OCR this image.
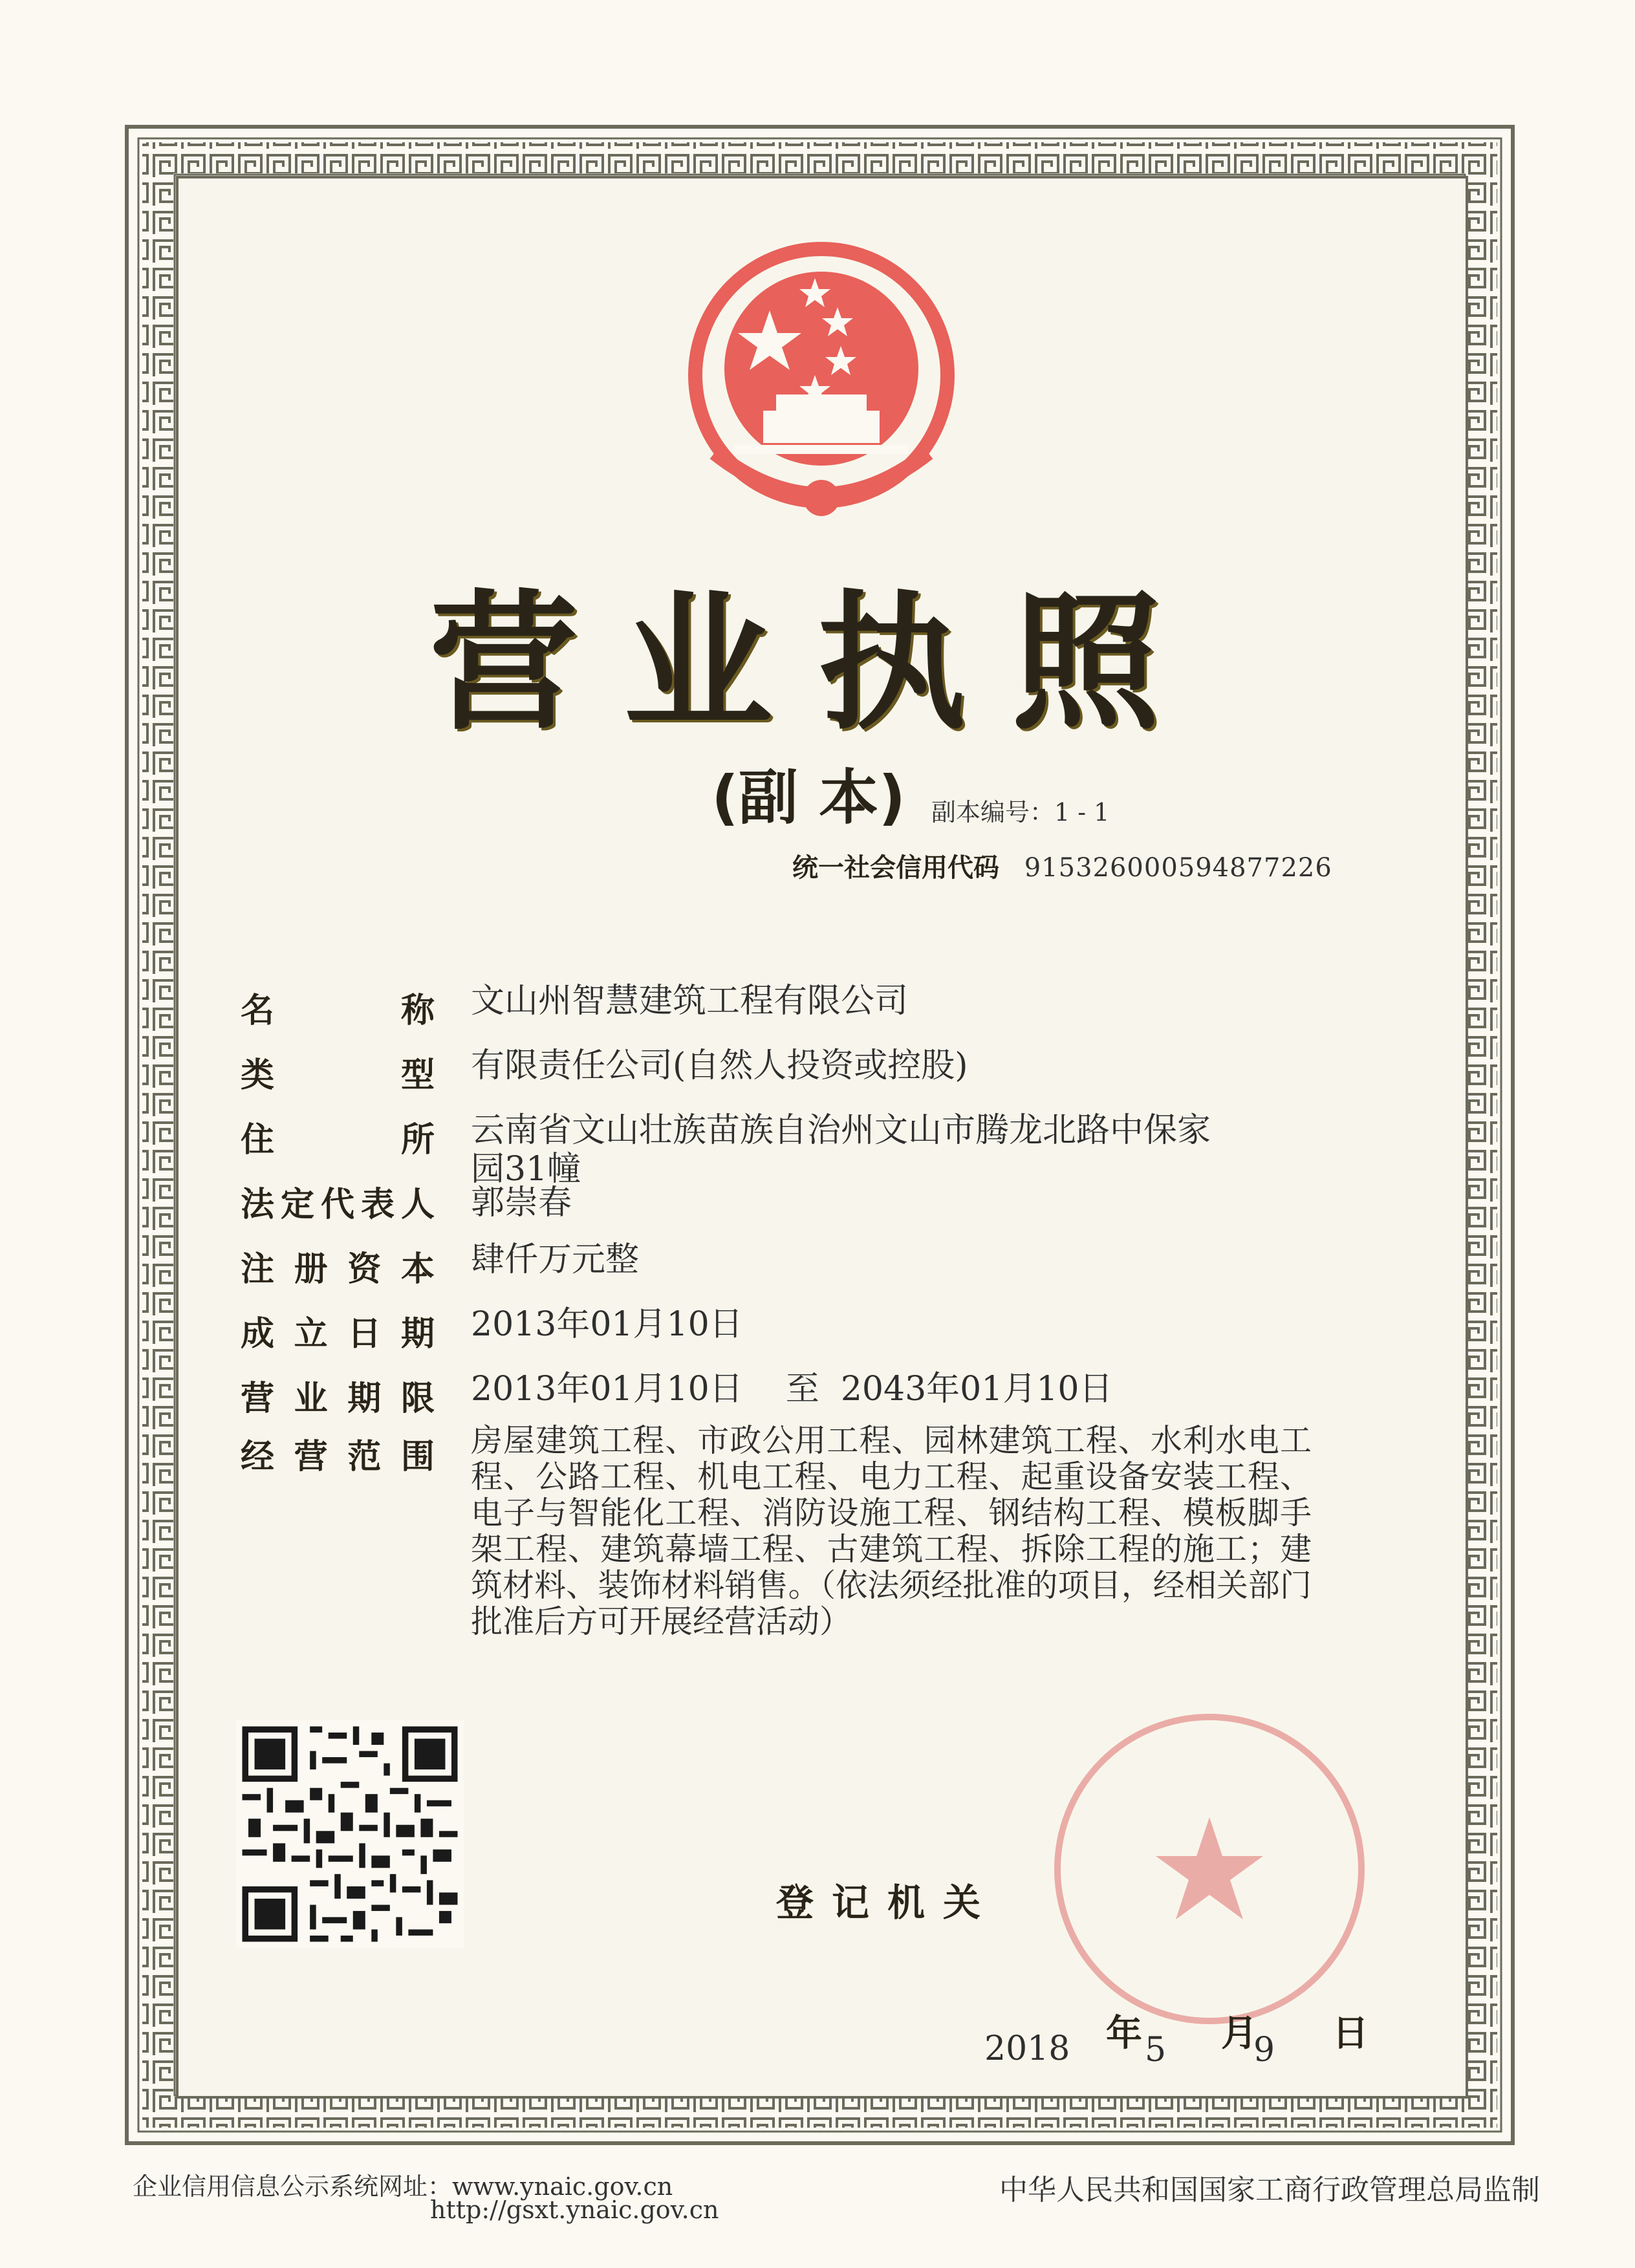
营业执照
(副 本) 副本编号：1 - 1
统一社会信用代码 915326000594877226
名	称 文山州智慧建筑工程有限公司
类	型 有限责任公司(自然人投资或控股)
住	所 云南省文山壮族苗族自治州文山市腾龙北路中保家
园31幢
法 定 代 表 人 郭崇春
注 册 资 本 肆仟万元整
成 立 日 期 2013年01月10日
营 业 期 限 2013年01月10日    至  2043年01月10日
经 营 范 围 房屋建筑工程、市政公用工程、园林建筑工程、水利水电工程、公路工程、机电工程、电力工程、起重设备安装工程、电子与智能化工程、消防设施工程、钢结构工程、模板脚手架工程、建筑幕墙工程、古建筑工程、拆除工程的施工；建筑材料、装饰材料销售。（依法须经批准的项目，经相关部门批准后方可开展经营活动）
登记机关
2018 年 5 月
9 日
企业信用信息公示系统网址：www.ynaic.gov.cn
http://gsxt.ynaic.gov.cn
中华人民共和国国家工商行政管理总局监制
